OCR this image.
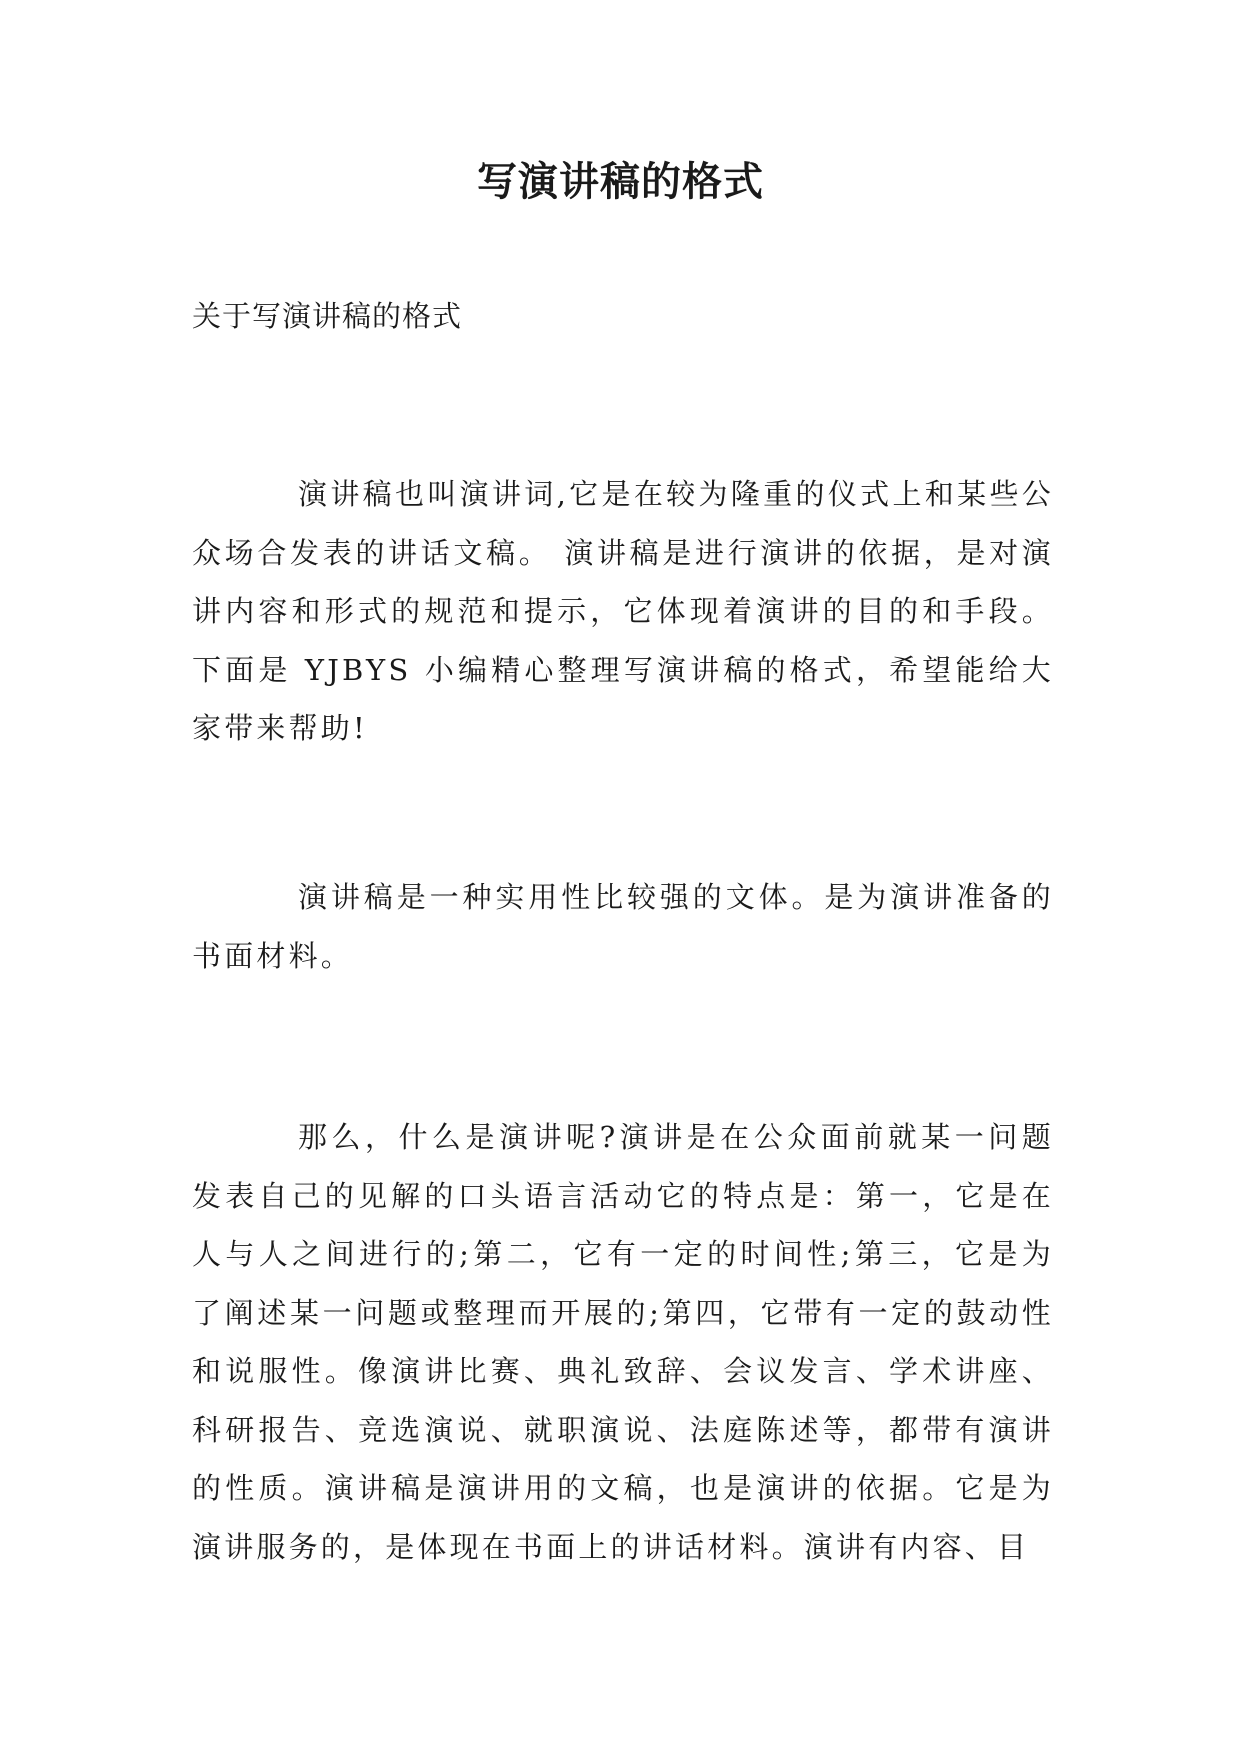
写演讲稿的格式

关于写演讲稿的格式

演讲稿也叫演讲词,它是在较为隆重的仪式上和某些公众场合发表的讲话文稿。 演讲稿是进行演讲的依据，是对演讲内容和形式的规范和提示，它体现着演讲的目的和手段。下面是 YJBYS 小编精心整理写演讲稿的格式，希望能给大家带来帮助!

演讲稿是一种实用性比较强的文体。是为演讲准备的书面材料。

那么，什么是演讲呢?演讲是在公众面前就某一问题发表自己的见解的口头语言活动它的特点是：第一，它是在人与人之间进行的;第二，它有一定的时间性;第三，它是为了阐述某一问题或整理而开展的;第四，它带有一定的鼓动性和说服性。像演讲比赛、典礼致辞、会议发言、学术讲座、科研报告、竞选演说、就职演说、法庭陈述等，都带有演讲的性质。演讲稿是演讲用的文稿，也是演讲的依据。它是为演讲服务的，是体现在书面上的讲话材料。演讲有内容、目
